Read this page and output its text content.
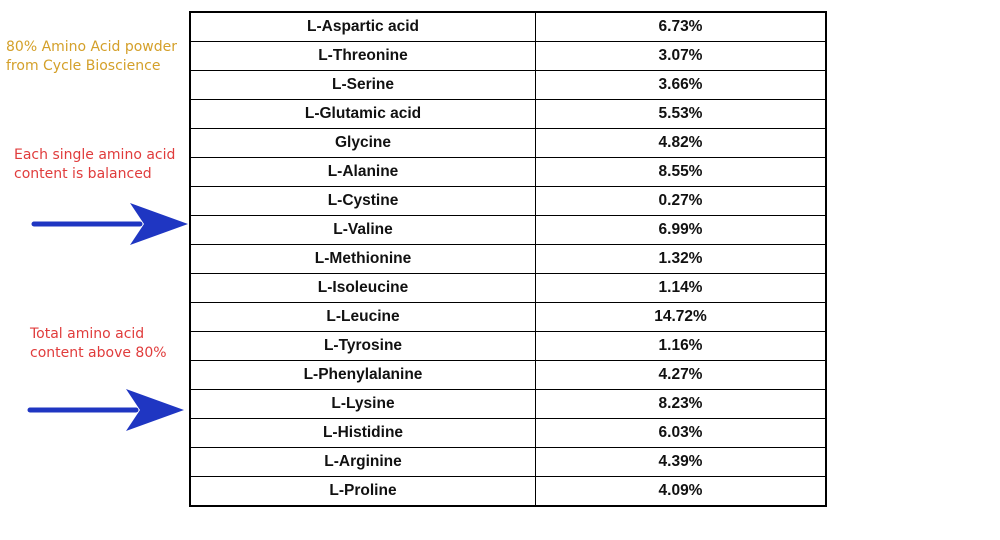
80% Amino Acid powder
from Cycle Bioscience
Each single amino acid
content is balanced
Total amino acid
content above 80%
L-Aspartic acid	6.73%
L-Threonine	3.07%
L-Serine	3.66%
L-Glutamic acid	5.53%
Glycine	4.82%
L-Alanine	8.55%
L-Cystine	0.27%
L-Valine	6.99%
L-Methionine	1.32%
L-Isoleucine	1.14%
L-Leucine	14.72%
L-Tyrosine	1.16%
L-Phenylalanine	4.27%
L-Lysine	8.23%
L-Histidine	6.03%
L-Arginine	4.39%
L-Proline	4.09%
